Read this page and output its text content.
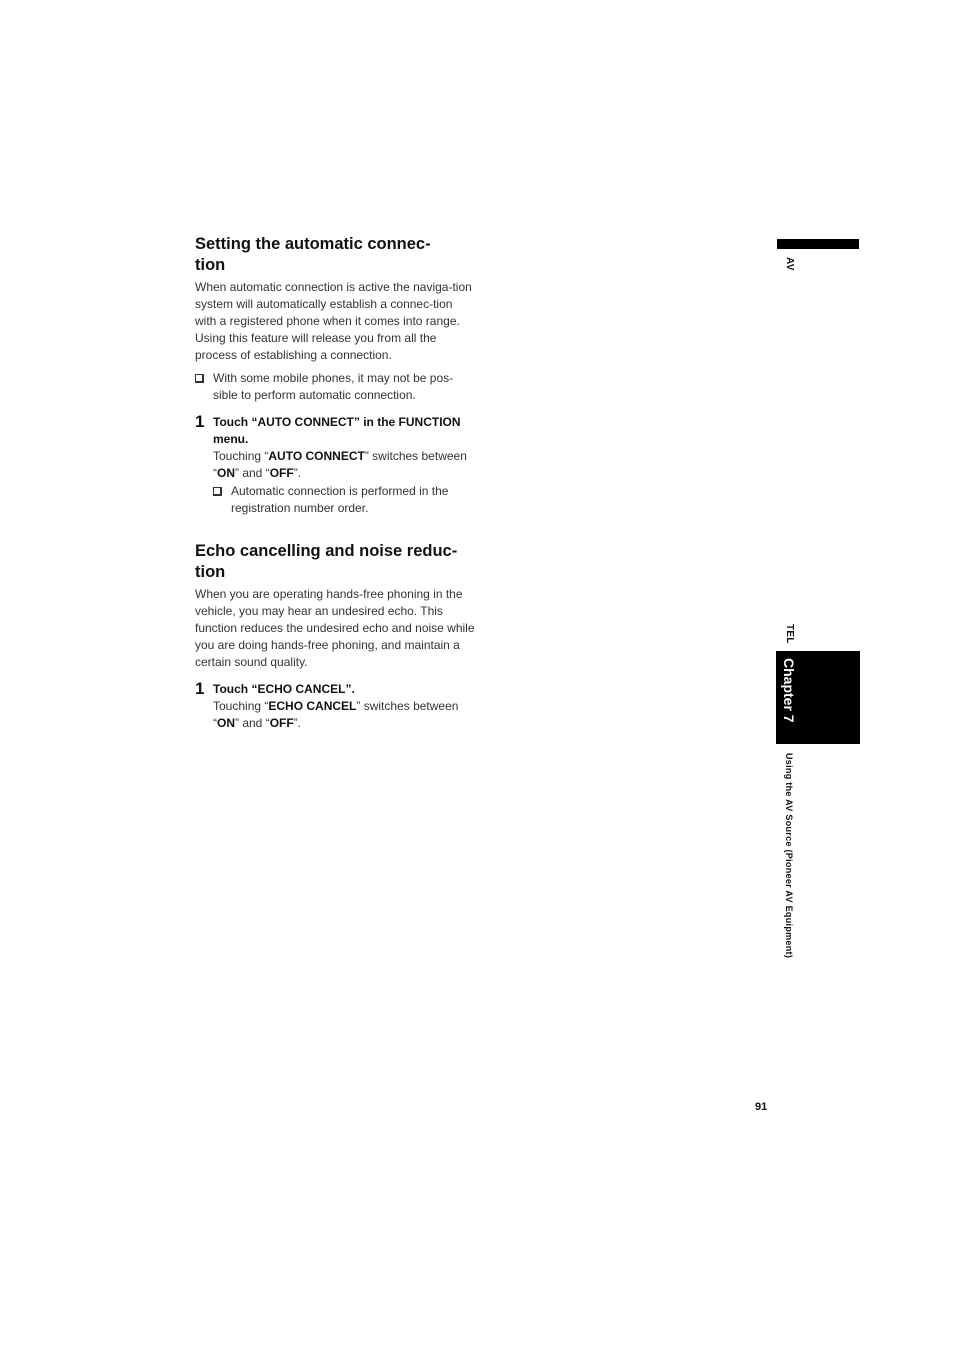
Setting the automatic connec-
tion

When automatic connection is active the naviga-tion system will automatically establish a connec-tion with a registered phone when it comes into range. Using this feature will release you from all the process of establishing a connection.

With some mobile phones, it may not be pos-sible to perform automatic connection.
1 Touch “AUTO CONNECT” in the FUNCTION menu.
Touching “AUTO CONNECT” switches between “ON” and “OFF”.
Automatic connection is performed in the registration number order.
Echo cancelling and noise reduc-
tion

When you are operating hands-free phoning in the vehicle, you may hear an undesired echo. This function reduces the undesired echo and noise while you are doing hands-free phoning, and maintain a certain sound quality.

1 Touch “ECHO CANCEL”.
Touching “ECHO CANCEL” switches between “ON” and “OFF”.
AV
TEL
Chapter 7
Using the AV Source (Pioneer AV Equipment)
91
